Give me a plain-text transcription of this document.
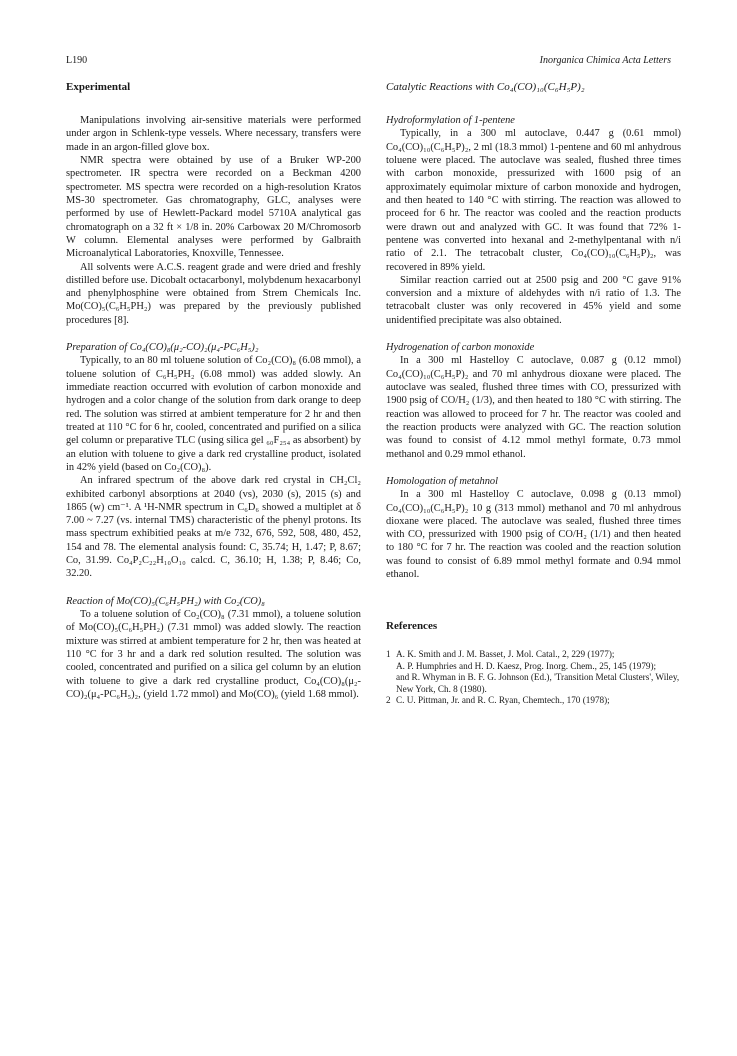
L190	Inorganica Chimica Acta Letters

Experimental

Manipulations involving air-sensitive materials were performed under argon in Schlenk-type vessels. Where necessary, transfers were made in an argon-filled glove box.

NMR spectra were obtained by use of a Bruker WP-200 spectrometer. IR spectra were recorded on a Beckman 4200 spectrometer. MS spectra were recorded on a high-resolution Kratos MS-30 spectrometer. Gas chromatography, GLC, analyses were performed by use of Hewlett-Packard model 5710A analytical gas chromatograph on a 32 ft × 1/8 in. 20% Carbowax 20 M/Chromosorb W column. Elemental analyses were performed by Galbraith Microanalytical Laboratories, Knoxville, Tennessee.

All solvents were A.C.S. reagent grade and were dried and freshly distilled before use. Dicobalt octacarbonyl, molybdenum hexacarbonyl and phenylphosphine were obtained from Strem Chemicals Inc. Mo(CO)₅(C₆H₅PH₂) was prepared by the previously published procedures [8].

Preparation of Co₄(CO)₈(μ₂-CO)₂(μ₄-PC₆H₅)₂

Typically, to an 80 ml toluene solution of Co₂(CO)₈ (6.08 mmol), a toluene solution of C₆H₅PH₂ (6.08 mmol) was added slowly. An immediate reaction occurred with evolution of carbon monoxide and hydrogen and a color change of the solution from dark orange to deep red. The solution was stirred at ambient temperature for 2 hr and then treated at 110 °C for 6 hr, cooled, concentrated and purified on a silica gel column or preparative TLC (using silica gel ₆₀F₂₅₄ as absorbent) by an elution with toluene to give a dark red crystalline product, isolated in 42% yield (based on Co₂(CO)₈).

An infrared spectrum of the above dark red crystal in CH₂Cl₂ exhibited carbonyl absorptions at 2040 (vs), 2030 (s), 2015 (s) and 1865 (w) cm⁻¹. A ¹H-NMR spectrum in C₆D₆ showed a multiplet at δ 7.00 ~ 7.27 (vs. internal TMS) characteristic of the phenyl protons. Its mass spectrum exhibitied peaks at m/e 732, 676, 592, 508, 480, 452, 154 and 78. The elemental analysis found: C, 35.74; H, 1.47; P, 8.67; Co, 31.99. Co₄P₂C₂₂H₁₀O₁₀ calcd. C, 36.10; H, 1.38; P, 8.46; Co, 32.20.

Reaction of Mo(CO)₅(C₆H₅PH₂) with Co₂(CO)₈

To a toluene solution of Co₂(CO)₈ (7.31 mmol), a toluene solution of Mo(CO)₅(C₆H₅PH₂) (7.31 mmol) was added slowly. The reaction mixture was stirred at ambient temperature for 2 hr, then was heated at 110 °C for 3 hr and a dark red solution resulted. The solution was cooled, concentrated and purified on a silica gel column by an elution with toluene to give a dark red crystalline product, Co₄(CO)₈(μ₂-CO)₂(μ₄-PC₆H₅)₂, (yield 1.72 mmol) and Mo(CO)₆ (yield 1.68 mmol).

Catalytic Reactions with Co₄(CO)₁₀(C₆H₅P)₂

Hydroformylation of 1-pentene

Typically, in a 300 ml autoclave, 0.447 g (0.61 mmol) Co₄(CO)₁₀(C₆H₅P)₂, 2 ml (18.3 mmol) 1-pentene and 60 ml anhydrous toluene were placed. The autoclave was sealed, flushed three times with carbon monoxide, pressurized with 1600 psig of an approximately equimolar mixture of carbon monoxide and hydrogen, and then heated to 140 °C with stirring. The reaction was allowed to proceed for 6 hr. The reactor was cooled and the reaction products were drawn out and analyzed with GC. It was found that 72% 1-pentene was converted into hexanal and 2-methylpentanal with n/i ratio of 2.1. The tetracobalt cluster, Co₄(CO)₁₀(C₆H₅P)₂, was recovered in 89% yield.

Similar reaction carried out at 2500 psig and 200 °C gave 91% conversion and a mixture of aldehydes with n/i ratio of 1.3. The tetracobalt cluster was only recovered in 45% yield and some unidentified precipitate was also obtained.

Hydrogenation of carbon monoxide

In a 300 ml Hastelloy C autoclave, 0.087 g (0.12 mmol) Co₄(CO)₁₀(C₆H₅P)₂ and 70 ml anhydrous dioxane were placed. The autoclave was sealed, flushed three times with CO, pressurized with 1900 psig of CO/H₂ (1/3), and then heated to 180 °C with stirring. The reaction was allowed to proceed for 7 hr. The reactor was cooled and the reaction products were analyzed with GC. The reaction solution was found to consist of 4.12 mmol methyl formate, 0.73 mmol methanol and 0.29 mmol ethanol.

Homologation of metahnol

In a 300 ml Hastelloy C autoclave, 0.098 g (0.13 mmol) Co₄(CO)₁₀(C₆H₅P)₂ 10 g (313 mmol) methanol and 70 ml anhydrous dioxane were placed. The autoclave was sealed, flushed three times with CO, pressurized with 1900 psig of CO/H₂ (1/1) and then heated to 180 °C for 7 hr. The reaction was cooled and the reaction solution was found to consist of 6.89 mmol methyl formate and 0.94 mmol ethanol.

References

1 A. K. Smith and J. M. Basset, J. Mol. Catal., 2, 229 (1977);

A. P. Humphries and H. D. Kaesz, Prog. Inorg. Chem., 25, 145 (1979);

and R. Whyman in B. F. G. Johnson (Ed.), 'Transition Metal Clusters', Wiley, New York, Ch. 8 (1980).

2 C. U. Pittman, Jr. and R. C. Ryan, Chemtech., 170 (1978);
